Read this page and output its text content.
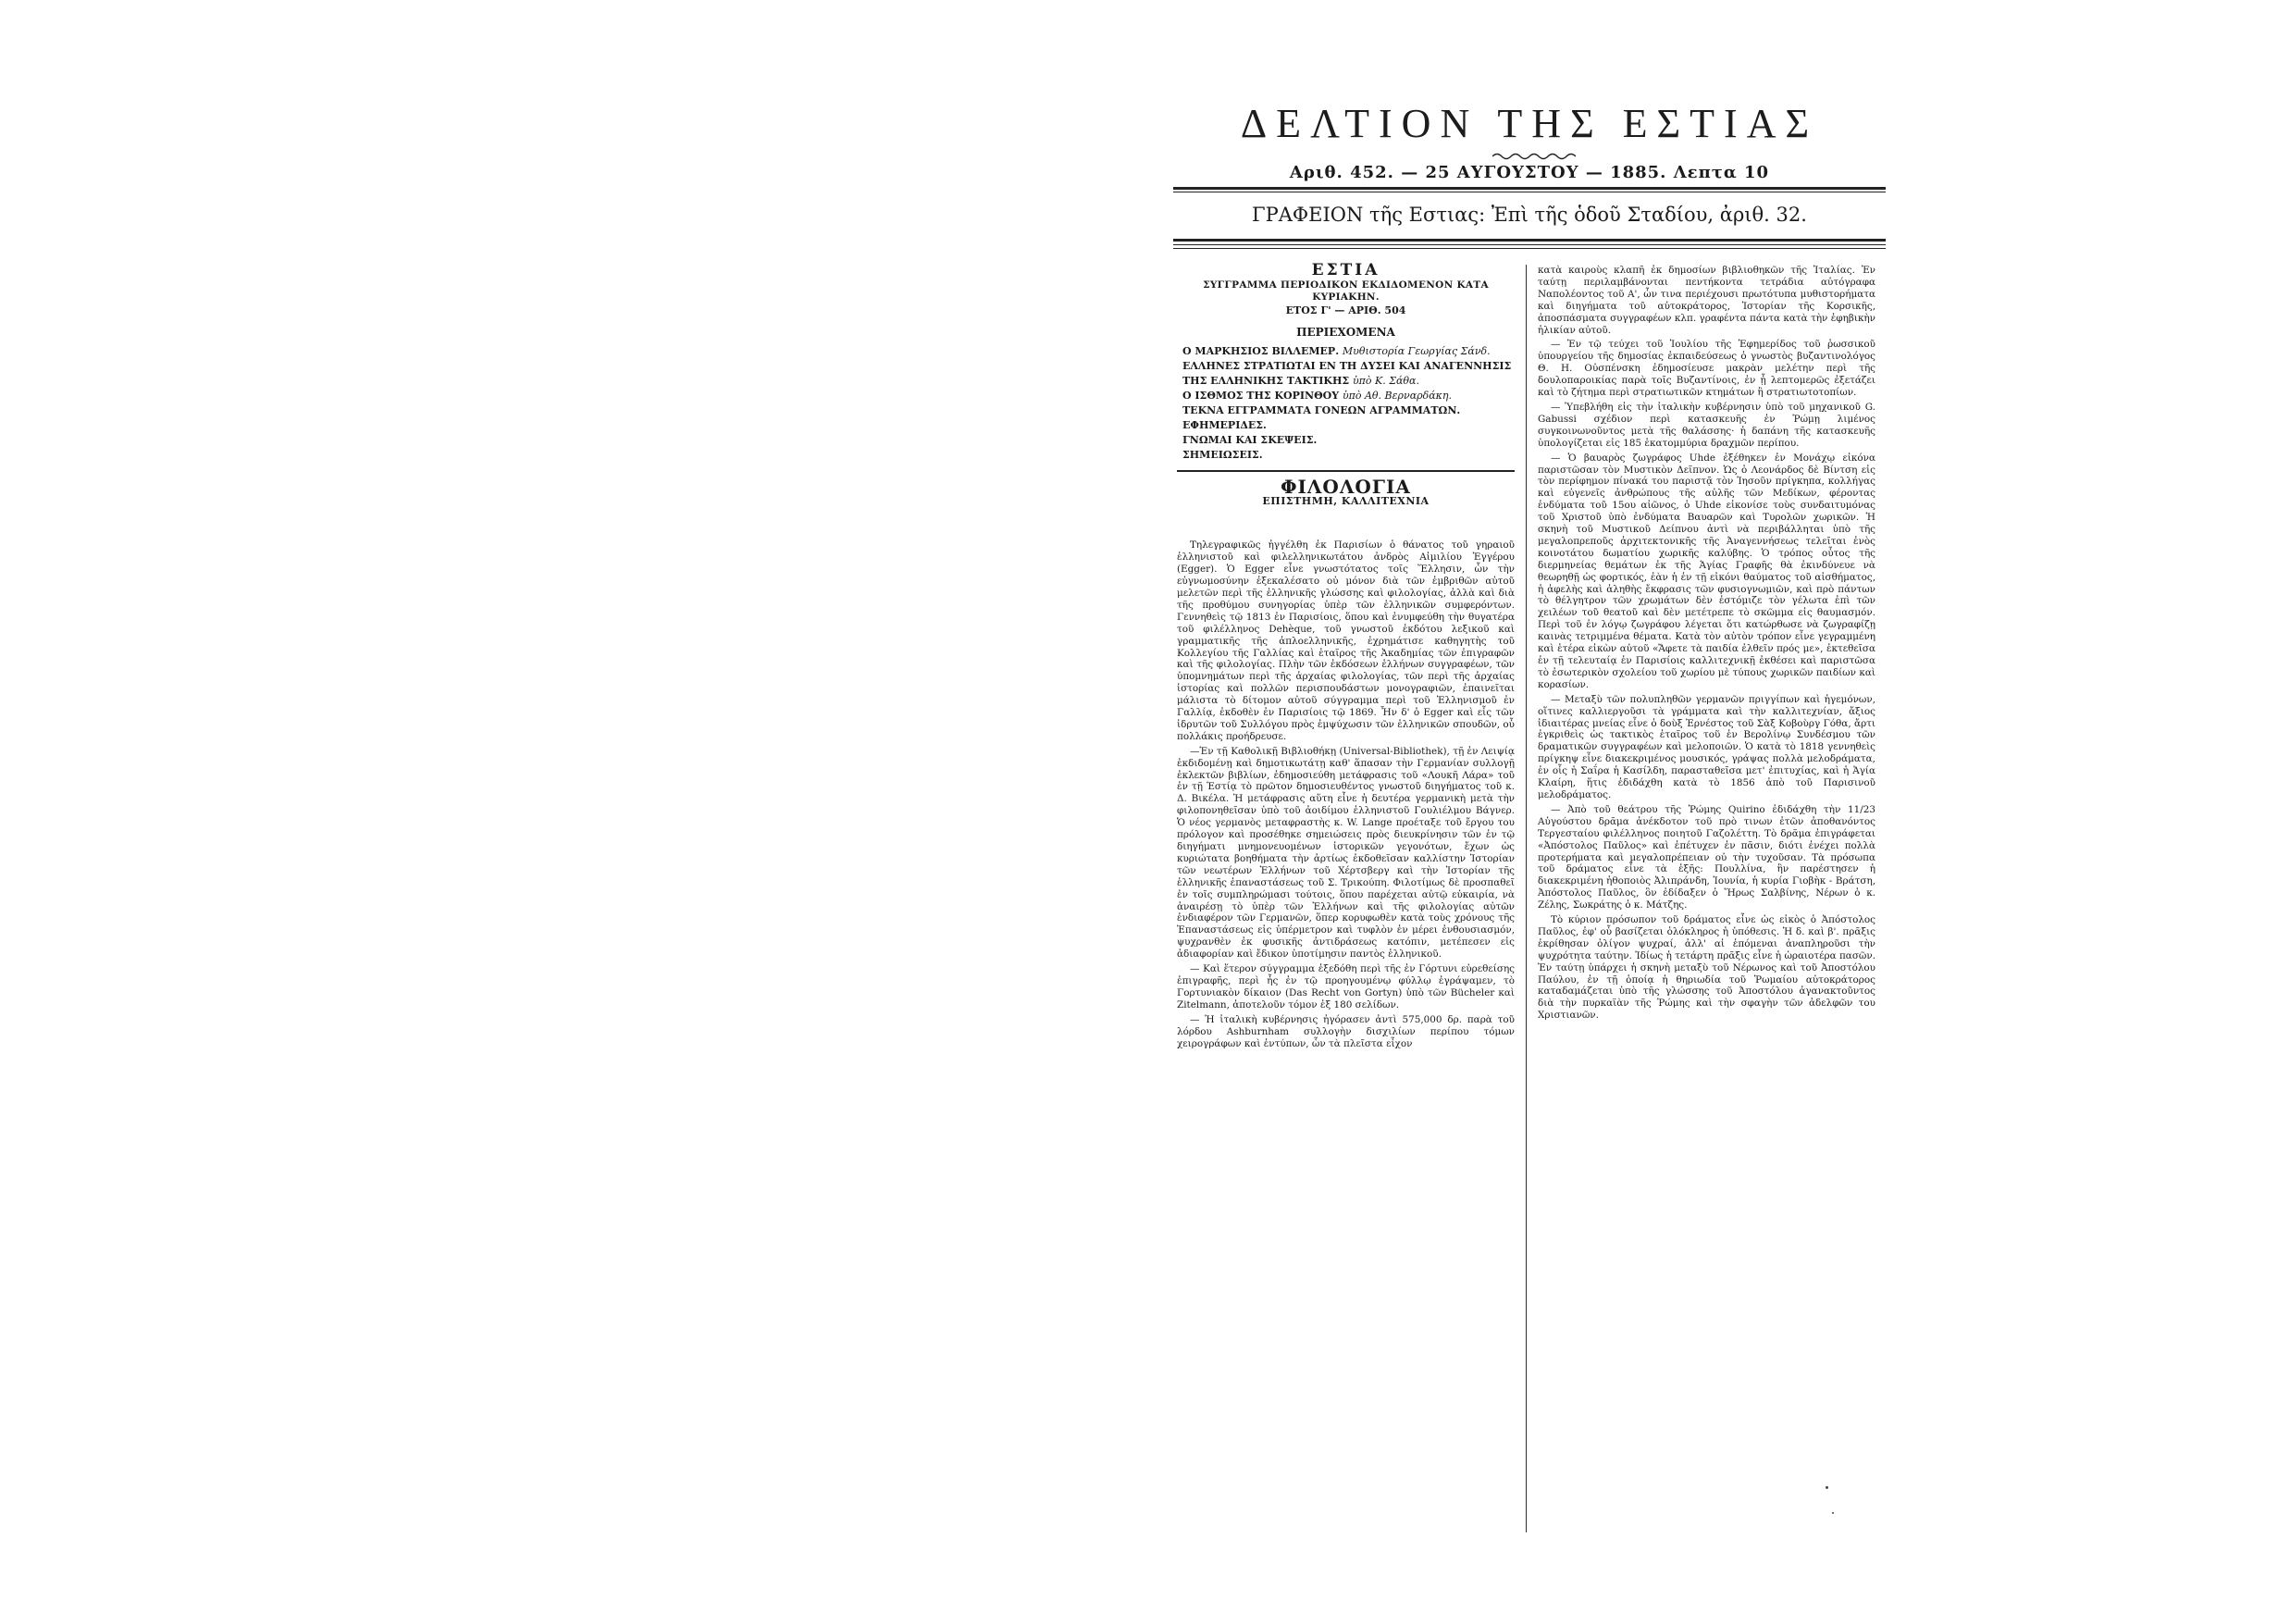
ΔΕΛΤΙΟΝ ΤΗΣ ΕΣΤΙΑΣ
Αριθ. 452. — 25 ΑΥΓΟΥΣΤΟΥ — 1885. Λεπτα 10
ΓΡΑΦΕΙΟΝ τῆς Εστιας: Ἐπὶ τῆς ὁδοῦ Σταδίου, ἀριθ. 32.
ΕΣΤΙΑ
ΣΥΓΓΡΑΜΜΑ ΠΕΡΙΟΔΙΚΟΝ ΕΚΔΙΔΟΜΕΝΟΝ ΚΑΤΑ ΚΥΡΙΑΚΗΝ.
ΕΤΟΣ Γ' — ΑΡΙΘ. 504
ΠΕΡΙΕΧΟΜΕΝΑ
Ο ΜΑΡΚΗΣΙΟΣ ΒΙΛΛΕΜΕΡ. Μυθιστορία Γεωργίας Σάνδ.
ΕΛΛΗΝΕΣ ΣΤΡΑΤΙΩΤΑΙ ΕΝ ΤΗ ΔΥΣΕΙ ΚΑΙ ΑΝΑΓΕΝΝΗΣΙΣ ΤΗΣ ΕΛΛΗΝΙΚΗΣ ΤΑΚΤΙΚΗΣ ὑπὸ Κ. Σάθα.
Ο ΙΣΘΜΟΣ ΤΗΣ ΚΟΡΙΝΘΟΥ ὑπὸ Αθ. Βερναρδάκη.
ΤΕΚΝΑ ΕΓΓΡΑΜΜΑΤΑ ΓΟΝΕΩΝ ΑΓΡΑΜΜΑΤΩΝ.
ΕΦΗΜΕΡΙΔΕΣ.
ΓΝΩΜΑΙ ΚΑΙ ΣΚΕΨΕΙΣ.
ΣΗΜΕΙΩΣΕΙΣ.
ΦΙΛΟΛΟΓΙΑ
ΕΠΙΣΤΗΜΗ, ΚΑΛΛΙΤΕΧΝΙΑ

Τηλεγραφικῶς ἠγγέλθη ἐκ Παρισίων ὁ θάνατος τοῦ γηραιοῦ ἑλληνιστοῦ καὶ φιλελληνικωτάτου ἀνδρὸς Αἰμιλίου Ἐγγέρου (Egger). Ὁ Egger εἶνε γνωστότατος τοῖς Ἕλλησιν, ὧν τὴν εὐγνωμοσύνην ἐξεκαλέσατο οὐ μόνον διὰ τῶν ἐμβριθῶν αὐτοῦ μελετῶν περὶ τῆς ἑλληνικῆς γλώσσης καὶ φιλολογίας, ἀλλὰ καὶ διὰ τῆς προθύμου συνηγορίας ὑπὲρ τῶν ἑλληνικῶν συμφερόντων. Γεννηθεὶς τῷ 1813 ἐν Παρισίοις, ὅπου καὶ ἐνυμφεύθη τὴν θυγατέρα τοῦ φιλέλληνος Dehèque, τοῦ γνωστοῦ ἐκδότου λεξικοῦ καὶ γραμματικῆς τῆς ἁπλοελληνικῆς, ἐχρημάτισε καθηγητὴς τοῦ Κολλεγίου τῆς Γαλλίας καὶ ἑταῖρος τῆς Ἀκαδημίας τῶν ἐπιγραφῶν καὶ τῆς φιλολογίας. Πλὴν τῶν ἐκδόσεων ἑλλήνων συγγραφέων, τῶν ὑπομνημάτων περὶ τῆς ἀρχαίας φιλολογίας, τῶν περὶ τῆς ἀρχαίας ἱστορίας καὶ πολλῶν περισπουδάστων μονογραφιῶν, ἐπαινεῖται μάλιστα τὸ δίτομον αὐτοῦ σύγγραμμα περὶ τοῦ Ἑλληνισμοῦ ἐν Γαλλίᾳ, ἐκδοθὲν ἐν Παρισίοις τῷ 1869. Ἦν δ' ὁ Egger καὶ εἷς τῶν ἱδρυτῶν τοῦ Συλλόγου πρὸς ἐμψύχωσιν τῶν ἑλληνικῶν σπουδῶν, οὗ πολλάκις προήδρευσε.

—Ἐν τῇ Καθολικῇ Βιβλιοθήκῃ (Universal-Bibliothek), τῇ ἐν Λειψίᾳ ἐκδιδομένῃ καὶ δημοτικωτάτῃ καθ' ἅπασαν τὴν Γερμανίαν συλλογῇ ἐκλεκτῶν βιβλίων, ἐδημοσιεύθη μετάφρασις τοῦ «Λουκῆ Λάρα» τοῦ ἐν τῇ Ἑστίᾳ τὸ πρῶτον δημοσιευθέντος γνωστοῦ διηγήματος τοῦ κ. Δ. Βικέλα. Ἡ μετάφρασις αὕτη εἶνε ἡ δευτέρα γερμανικὴ μετὰ τὴν φιλοπονηθεῖσαν ὑπὸ τοῦ ἀοιδίμου ἑλληνιστοῦ Γουλιέλμου Βάγνερ. Ὁ νέος γερμανὸς μεταφραστὴς κ. W. Lange προέταξε τοῦ ἔργου του πρόλογον καὶ προσέθηκε σημειώσεις πρὸς διευκρίνησιν τῶν ἐν τῷ διηγήματι μνημονευομένων ἱστορικῶν γεγονότων, ἔχων ὡς κυριώτατα βοηθήματα τὴν ἀρτίως ἐκδοθεῖσαν καλλίστην Ἱστορίαν τῶν νεωτέρων Ἑλλήνων τοῦ Χέρτσβεργ καὶ τὴν Ἱστορίαν τῆς ἑλληνικῆς ἐπαναστάσεως τοῦ Σ. Τρικούπη. Φιλοτίμως δὲ προσπαθεῖ ἐν τοῖς συμπληρώμασι τούτοις, ὅπου παρέχεται αὐτῷ εὐκαιρία, νὰ ἀναιρέσῃ τὸ ὑπὲρ τῶν Ἑλλήνων καὶ τῆς φιλολογίας αὐτῶν ἐνδιαφέρον τῶν Γερμανῶν, ὅπερ κορυφωθὲν κατὰ τοὺς χρόνους τῆς Ἐπαναστάσεως εἰς ὑπέρμετρον καὶ τυφλὸν ἐν μέρει ἐνθουσιασμόν, ψυχρανθὲν ἐκ φυσικῆς ἀντιδράσεως κατόπιν, μετέπεσεν εἰς ἀδιαφορίαν καὶ ἔδικον ὑποτίμησιν παντὸς ἑλληνικοῦ.

— Καὶ ἕτερον σύγγραμμα ἐξεδόθη περὶ τῆς ἐν Γόρτυνι εὑρεθείσης ἐπιγραφῆς, περὶ ἧς ἐν τῷ προηγουμένῳ φύλλῳ ἐγράψαμεν, τὸ Γορτυνιακὸν δίκαιον (Das Recht von Gortyn) ὑπὸ τῶν Bücheler καὶ Zitelmann, ἀποτελοῦν τόμον ἐξ 180 σελίδων.

— Ἡ ἰταλικὴ κυβέρνησις ἠγόρασεν ἀντὶ 575,000 δρ. παρὰ τοῦ λόρδου Ashburnham συλλογὴν δισχιλίων περίπου τόμων χειρογράφων καὶ ἐντύπων, ὧν τὰ πλεῖστα εἶχον

κατὰ καιροὺς κλαπῆ ἐκ δημοσίων βιβλιοθηκῶν τῆς Ἰταλίας. Ἐν ταύτῃ περιλαμβάνονται πεντήκοντα τετράδια αὐτόγραφα Ναπολέοντος τοῦ Α', ὧν τινα περιέχουσι πρωτότυπα μυθιστορήματα καὶ διηγήματα τοῦ αὐτοκράτορος, Ἱστορίαν τῆς Κορσικῆς, ἀποσπάσματα συγγραφέων κλπ. γραφέντα πάντα κατὰ τὴν ἐφηβικὴν ἡλικίαν αὐτοῦ.

— Ἐν τῷ τεύχει τοῦ Ἰουλίου τῆς Ἐφημερίδος τοῦ ῥωσσικοῦ ὑπουργείου τῆς δημοσίας ἐκπαιδεύσεως ὁ γνωστὸς βυζαντινολόγος Θ. Η. Οὐσπένσκη ἐδημοσίευσε μακρὰν μελέτην περὶ τῆς δουλοπαροικίας παρὰ τοῖς Βυζαντίνοις, ἐν ᾗ λεπτομερῶς ἐξετάζει καὶ τὸ ζήτημα περὶ στρατιωτικῶν κτημάτων ἢ στρατιωτοτοπίων.

— Ὑπεβλήθη εἰς τὴν ἰταλικὴν κυβέρνησιν ὑπὸ τοῦ μηχανικοῦ G. Gabussi σχέδιον περὶ κατασκευῆς ἐν Ῥώμῃ λιμένος συγκοινωνοῦντος μετὰ τῆς θαλάσσης· ἡ δαπάνη τῆς κατασκευῆς ὑπολογίζεται εἰς 185 ἑκατομμύρια δραχμῶν περίπου.

— Ὁ βαυαρὸς ζωγράφος Uhde ἐξέθηκεν ἐν Μονάχῳ εἰκόνα παριστῶσαν τὸν Μυστικὸν Δεῖπνον. Ὡς ὁ Λεονάρδος δὲ Βίντση εἰς τὸν περίφημον πίνακά του παριστᾷ τὸν Ἰησοῦν πρίγκηπα, κολλήγας καὶ εὐγενεῖς ἀνθρώπους τῆς αὐλῆς τῶν Μεδίκων, φέροντας ἐνδύματα τοῦ 15ου αἰῶνος, ὁ Uhde εἰκονίσε τοὺς συνδαιτυμόνας τοῦ Χριστοῦ ὑπὸ ἐνδύματα Βαυαρῶν καὶ Τυρολῶν χωρικῶν. Ἡ σκηνὴ τοῦ Μυστικοῦ Δείπνου ἀντὶ νὰ περιβάλληται ὑπὸ τῆς μεγαλοπρεποῦς ἀρχιτεκτονικῆς τῆς Ἀναγεννήσεως τελεῖται ἐνὸς κοινοτάτου δωματίου χωρικῆς καλύβης. Ὁ τρόπος οὗτος τῆς διερμηνείας θεμάτων ἐκ τῆς Ἁγίας Γραφῆς θὰ ἐκινδύνευε νὰ θεωρηθῇ ὡς φορτικός, ἐὰν ἡ ἐν τῇ εἰκόνι θαύματος τοῦ αἰσθήματος, ἡ ἀφελὴς καὶ ἀληθὴς ἔκφρασις τῶν φυσιογνωμιῶν, καὶ πρὸ πάντων τὸ θέλγητρον τῶν χρωμάτων δὲν ἐστόμιζε τὸν γέλωτα ἐπὶ τῶν χειλέων τοῦ θεατοῦ καὶ δὲν μετέτρεπε τὸ σκῶμμα εἰς θαυμασμόν. Περὶ τοῦ ἐν λόγῳ ζωγράφου λέγεται ὅτι κατώρθωσε νὰ ζωγραφίζῃ καινὰς τετριμμένα θέματα. Κατὰ τὸν αὐτὸν τρόπον εἶνε γεγραμμένη καὶ ἑτέρα εἰκὼν αὐτοῦ «Ἄφετε τὰ παιδία ἐλθεῖν πρός με», ἐκτεθεῖσα ἐν τῇ τελευταίᾳ ἐν Παρισίοις καλλιτεχνικῇ ἐκθέσει καὶ παριστῶσα τὸ ἐσωτερικὸν σχολείου τοῦ χωρίου μὲ τύπους χωρικῶν παιδίων καὶ κορασίων.

— Μεταξὺ τῶν πολυπληθῶν γερμανῶν πριγγίπων καὶ ἡγεμόνων, οἵτινες καλλιεργοῦσι τὰ γράμματα καὶ τὴν καλλιτεχνίαν, ἄξιος ἰδιαιτέρας μνείας εἶνε ὁ δοὺξ Ἐρνέστος τοῦ Σὰξ Κοβοὺργ Γόθα, ἄρτι ἐγκριθεὶς ὡς τακτικὸς ἑταῖρος τοῦ ἐν Βερολίνῳ Συνδέσμου τῶν δραματικῶν συγγραφέων καὶ μελοποιῶν. Ὁ κατὰ τὸ 1818 γεννηθεὶς πρίγκηψ εἶνε διακεκριμένος μουσικός, γράψας πολλὰ μελοδράματα, ἐν οἷς ἡ Σαΐρα ἡ Κασίλδη, παρασταθεῖσα μετ' ἐπιτυχίας, καὶ ἡ Ἁγία Κλαίρη, ἥτις ἐδιδάχθη κατὰ τὸ 1856 ἀπὸ τοῦ Παρισινοῦ μελοδράματος.

— Ἀπὸ τοῦ θεάτρου τῆς Ῥώμης Quirino ἐδιδάχθη τὴν 11/23 Αὐγούστου δρᾶμα ἀνέκδοτον τοῦ πρὸ τινων ἐτῶν ἀποθανόντος Τεργεσταίου φιλέλληνος ποιητοῦ Γαζολέττη. Τὸ δρᾶμα ἐπιγράφεται «Ἀπόστολος Παῦλος» καὶ ἐπέτυχεν ἐν πᾶσιν, διότι ἐνέχει πολλὰ προτερήματα καὶ μεγαλοπρέπειαν οὐ τὴν τυχοῦσαν. Τὰ πρόσωπα τοῦ δράματος εἶνε τὰ ἑξῆς: Πουλλίνα, ἣν παρέστησεν ἡ διακεκριμένη ἠθοποιὸς Ἀλιπράνδη, Ἰουνία, ἡ κυρία Γιοβὴκ - Βράτση, Ἀπόστολος Παῦλος, ὃν ἐδίδαξεν ὁ Ἥρως Σαλβίνης, Νέρων ὁ κ. Ζέλης, Σωκράτης ὁ κ. Μάτζης.

Τὸ κύριον πρόσωπον τοῦ δράματος εἶνε ὡς εἰκὸς ὁ Ἀπόστολος Παῦλος, ἐφ' οὗ βασίζεται ὁλόκληρος ἡ ὑπόθεσις. Ἡ δ. καὶ β'. πρᾶξις ἐκρίθησαν ὀλίγον ψυχραί, ἀλλ' αἱ ἑπόμεναι ἀναπληροῦσι τὴν ψυχρότητα ταύτην. Ἰδίως ἡ τετάρτη πρᾶξις εἶνε ἡ ὡραιοτέρα πασῶν. Ἐν ταύτῃ ὑπάρχει ἡ σκηνὴ μεταξὺ τοῦ Νέρωνος καὶ τοῦ Ἀποστόλου Παύλου, ἐν τῇ ὁποίᾳ ἡ θηριωδία τοῦ Ῥωμαίου αὐτοκράτορος καταδαμάζεται ὑπὸ τῆς γλώσσης τοῦ Ἀποστόλου ἀγανακτοῦντος διὰ τὴν πυρκαϊὰν τῆς Ῥώμης καὶ τὴν σφαγὴν τῶν ἀδελφῶν του Χριστιανῶν.
